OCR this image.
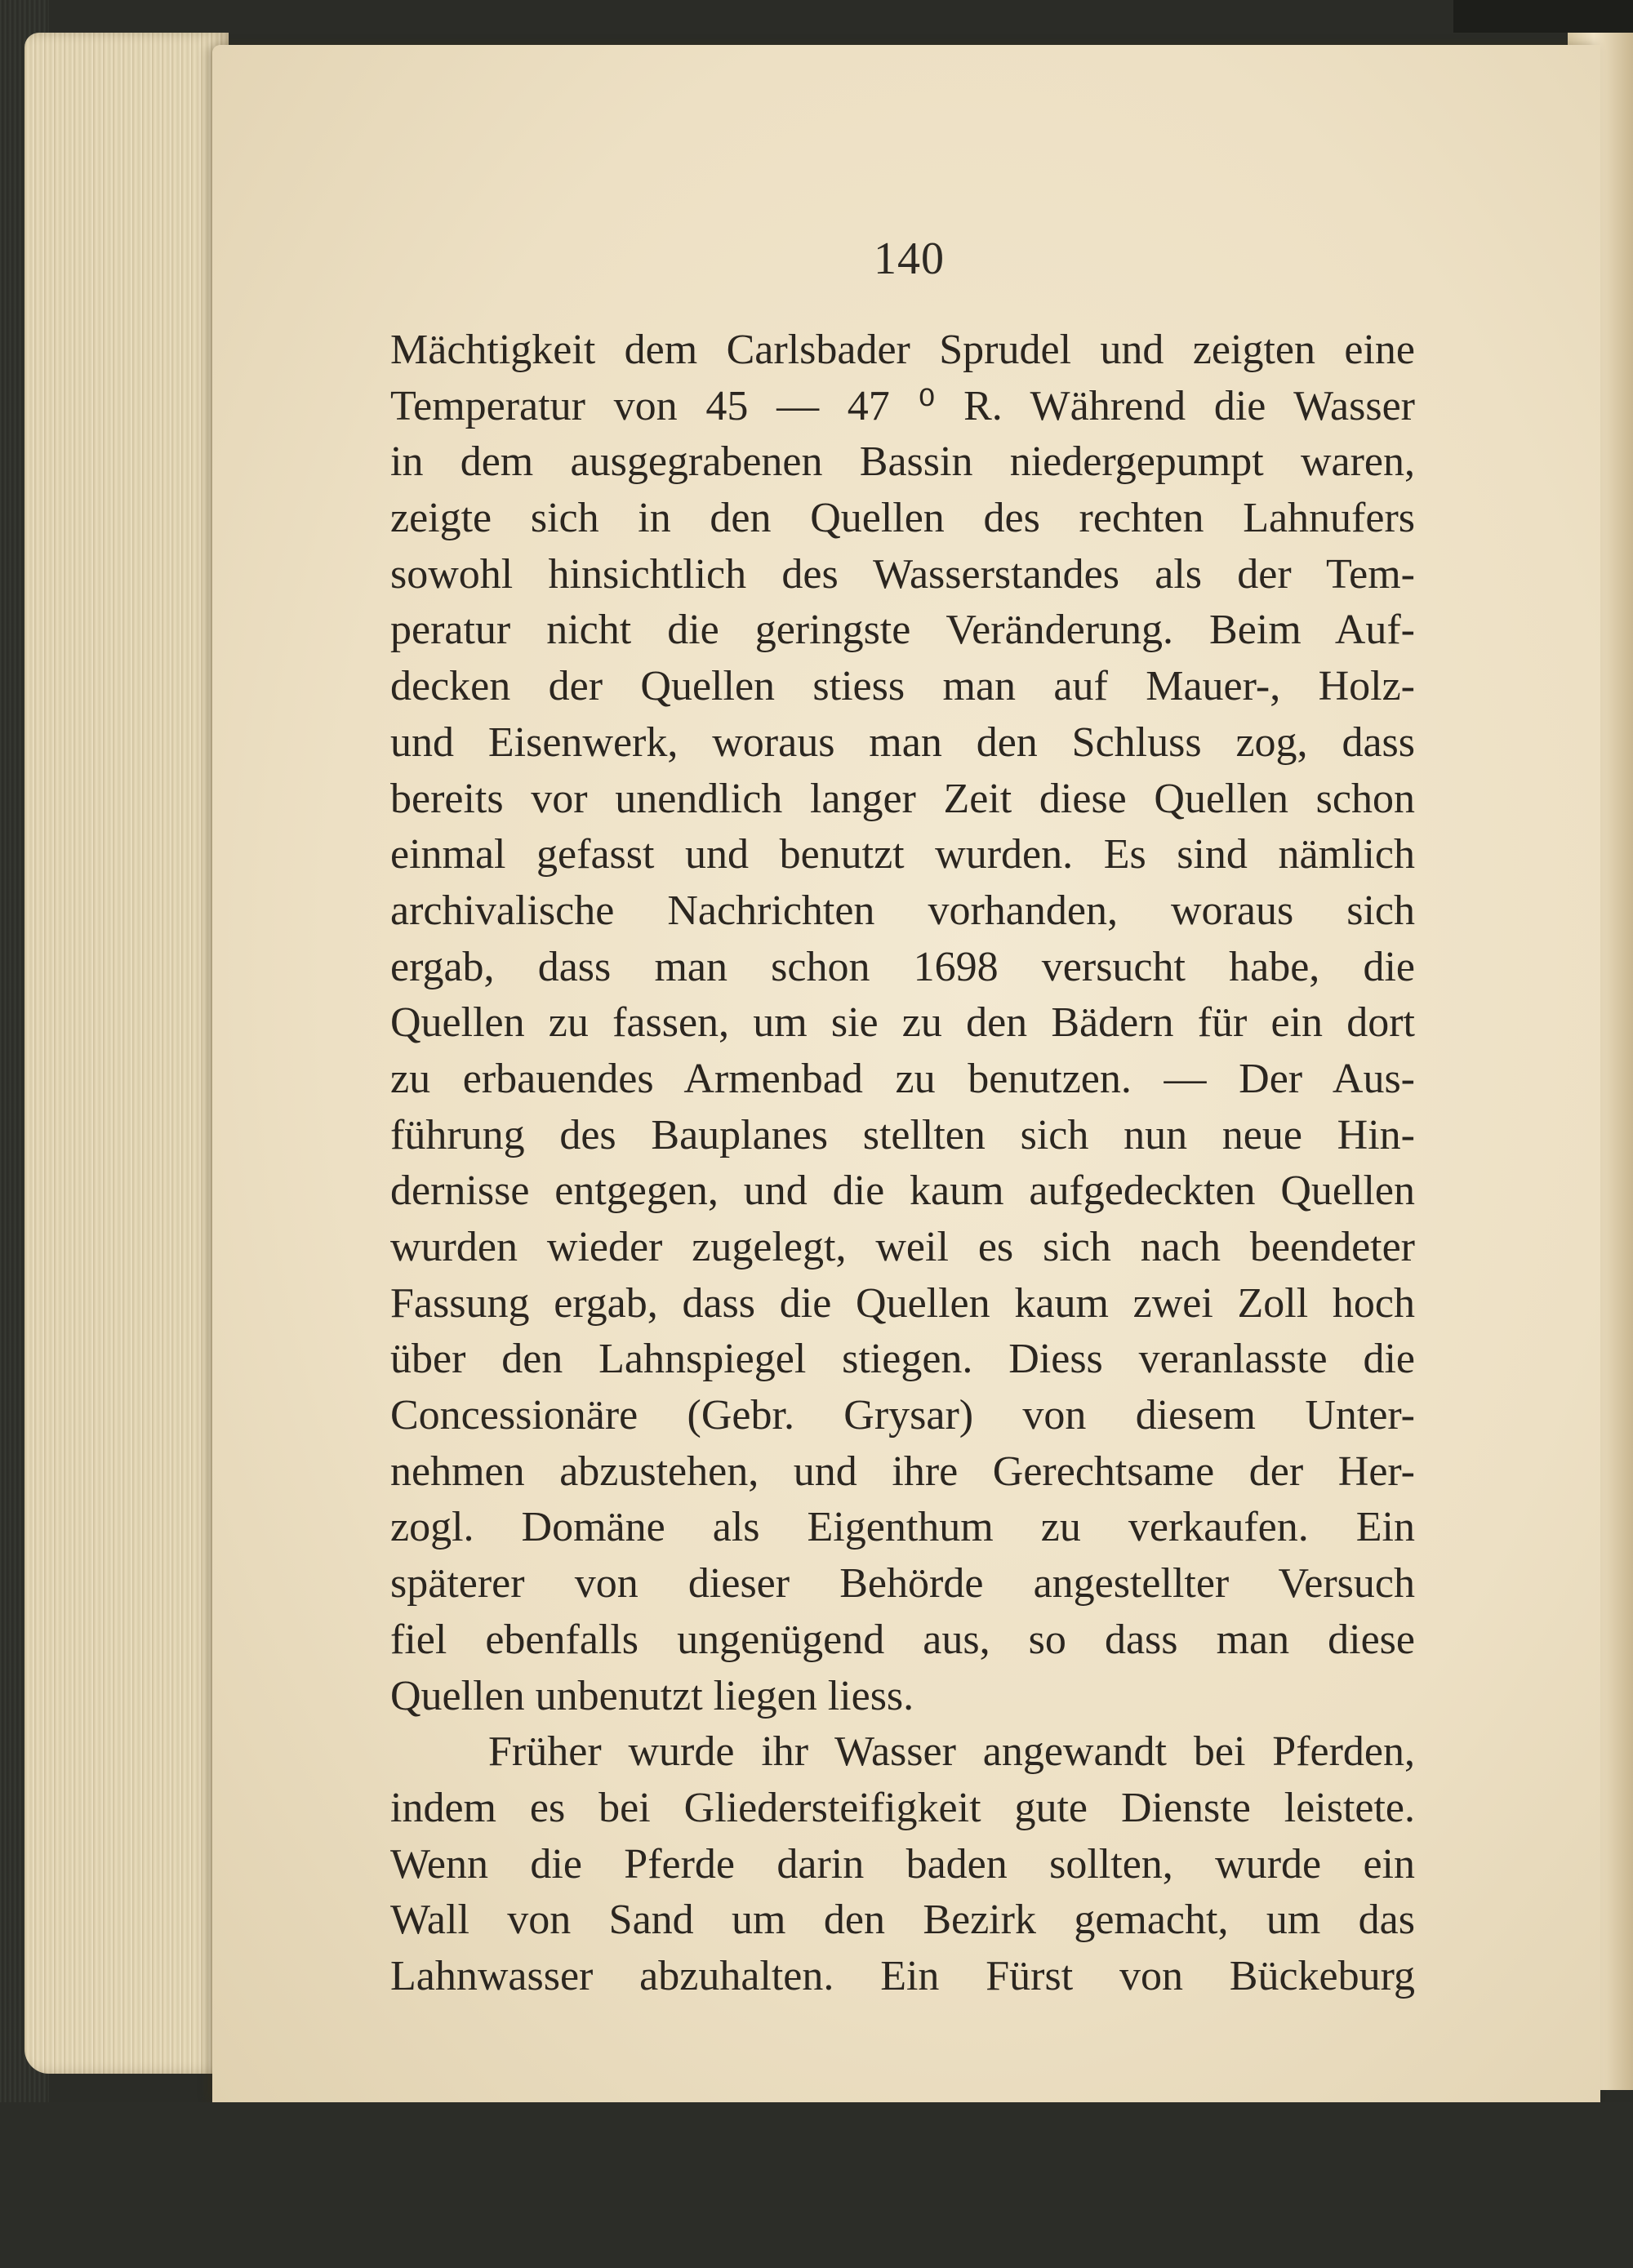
140
Mächtigkeit dem Carlsbader Sprudel und zeigten eine
Temperatur von 45 — 47 ⁰ R. Während die Wasser
in dem ausgegrabenen Bassin niedergepumpt waren,
zeigte sich in den Quellen des rechten Lahnufers
sowohl hinsichtlich des Wasserstandes als der Tem-
peratur nicht die geringste Veränderung. Beim Auf-
decken der Quellen stiess man auf Mauer-, Holz-
und Eisenwerk, woraus man den Schluss zog, dass
bereits vor unendlich langer Zeit diese Quellen schon
einmal gefasst und benutzt wurden. Es sind nämlich
archivalische Nachrichten vorhanden, woraus sich
ergab, dass man schon 1698 versucht habe, die
Quellen zu fassen, um sie zu den Bädern für ein dort
zu erbauendes Armenbad zu benutzen. — Der Aus-
führung des Bauplanes stellten sich nun neue Hin-
dernisse entgegen, und die kaum aufgedeckten Quellen
wurden wieder zugelegt, weil es sich nach beendeter
Fassung ergab, dass die Quellen kaum zwei Zoll hoch
über den Lahnspiegel stiegen. Diess veranlasste die
Concessionäre (Gebr. Grysar) von diesem Unter-
nehmen abzustehen, und ihre Gerechtsame der Her-
zogl. Domäne als Eigenthum zu verkaufen. Ein
späterer von dieser Behörde angestellter Versuch
fiel ebenfalls ungenügend aus, so dass man diese
Quellen unbenutzt liegen liess.
Früher wurde ihr Wasser angewandt bei Pferden,
indem es bei Gliedersteifigkeit gute Dienste leistete.
Wenn die Pferde darin baden sollten, wurde ein
Wall von Sand um den Bezirk gemacht, um das
Lahnwasser abzuhalten. Ein Fürst von Bückeburg
